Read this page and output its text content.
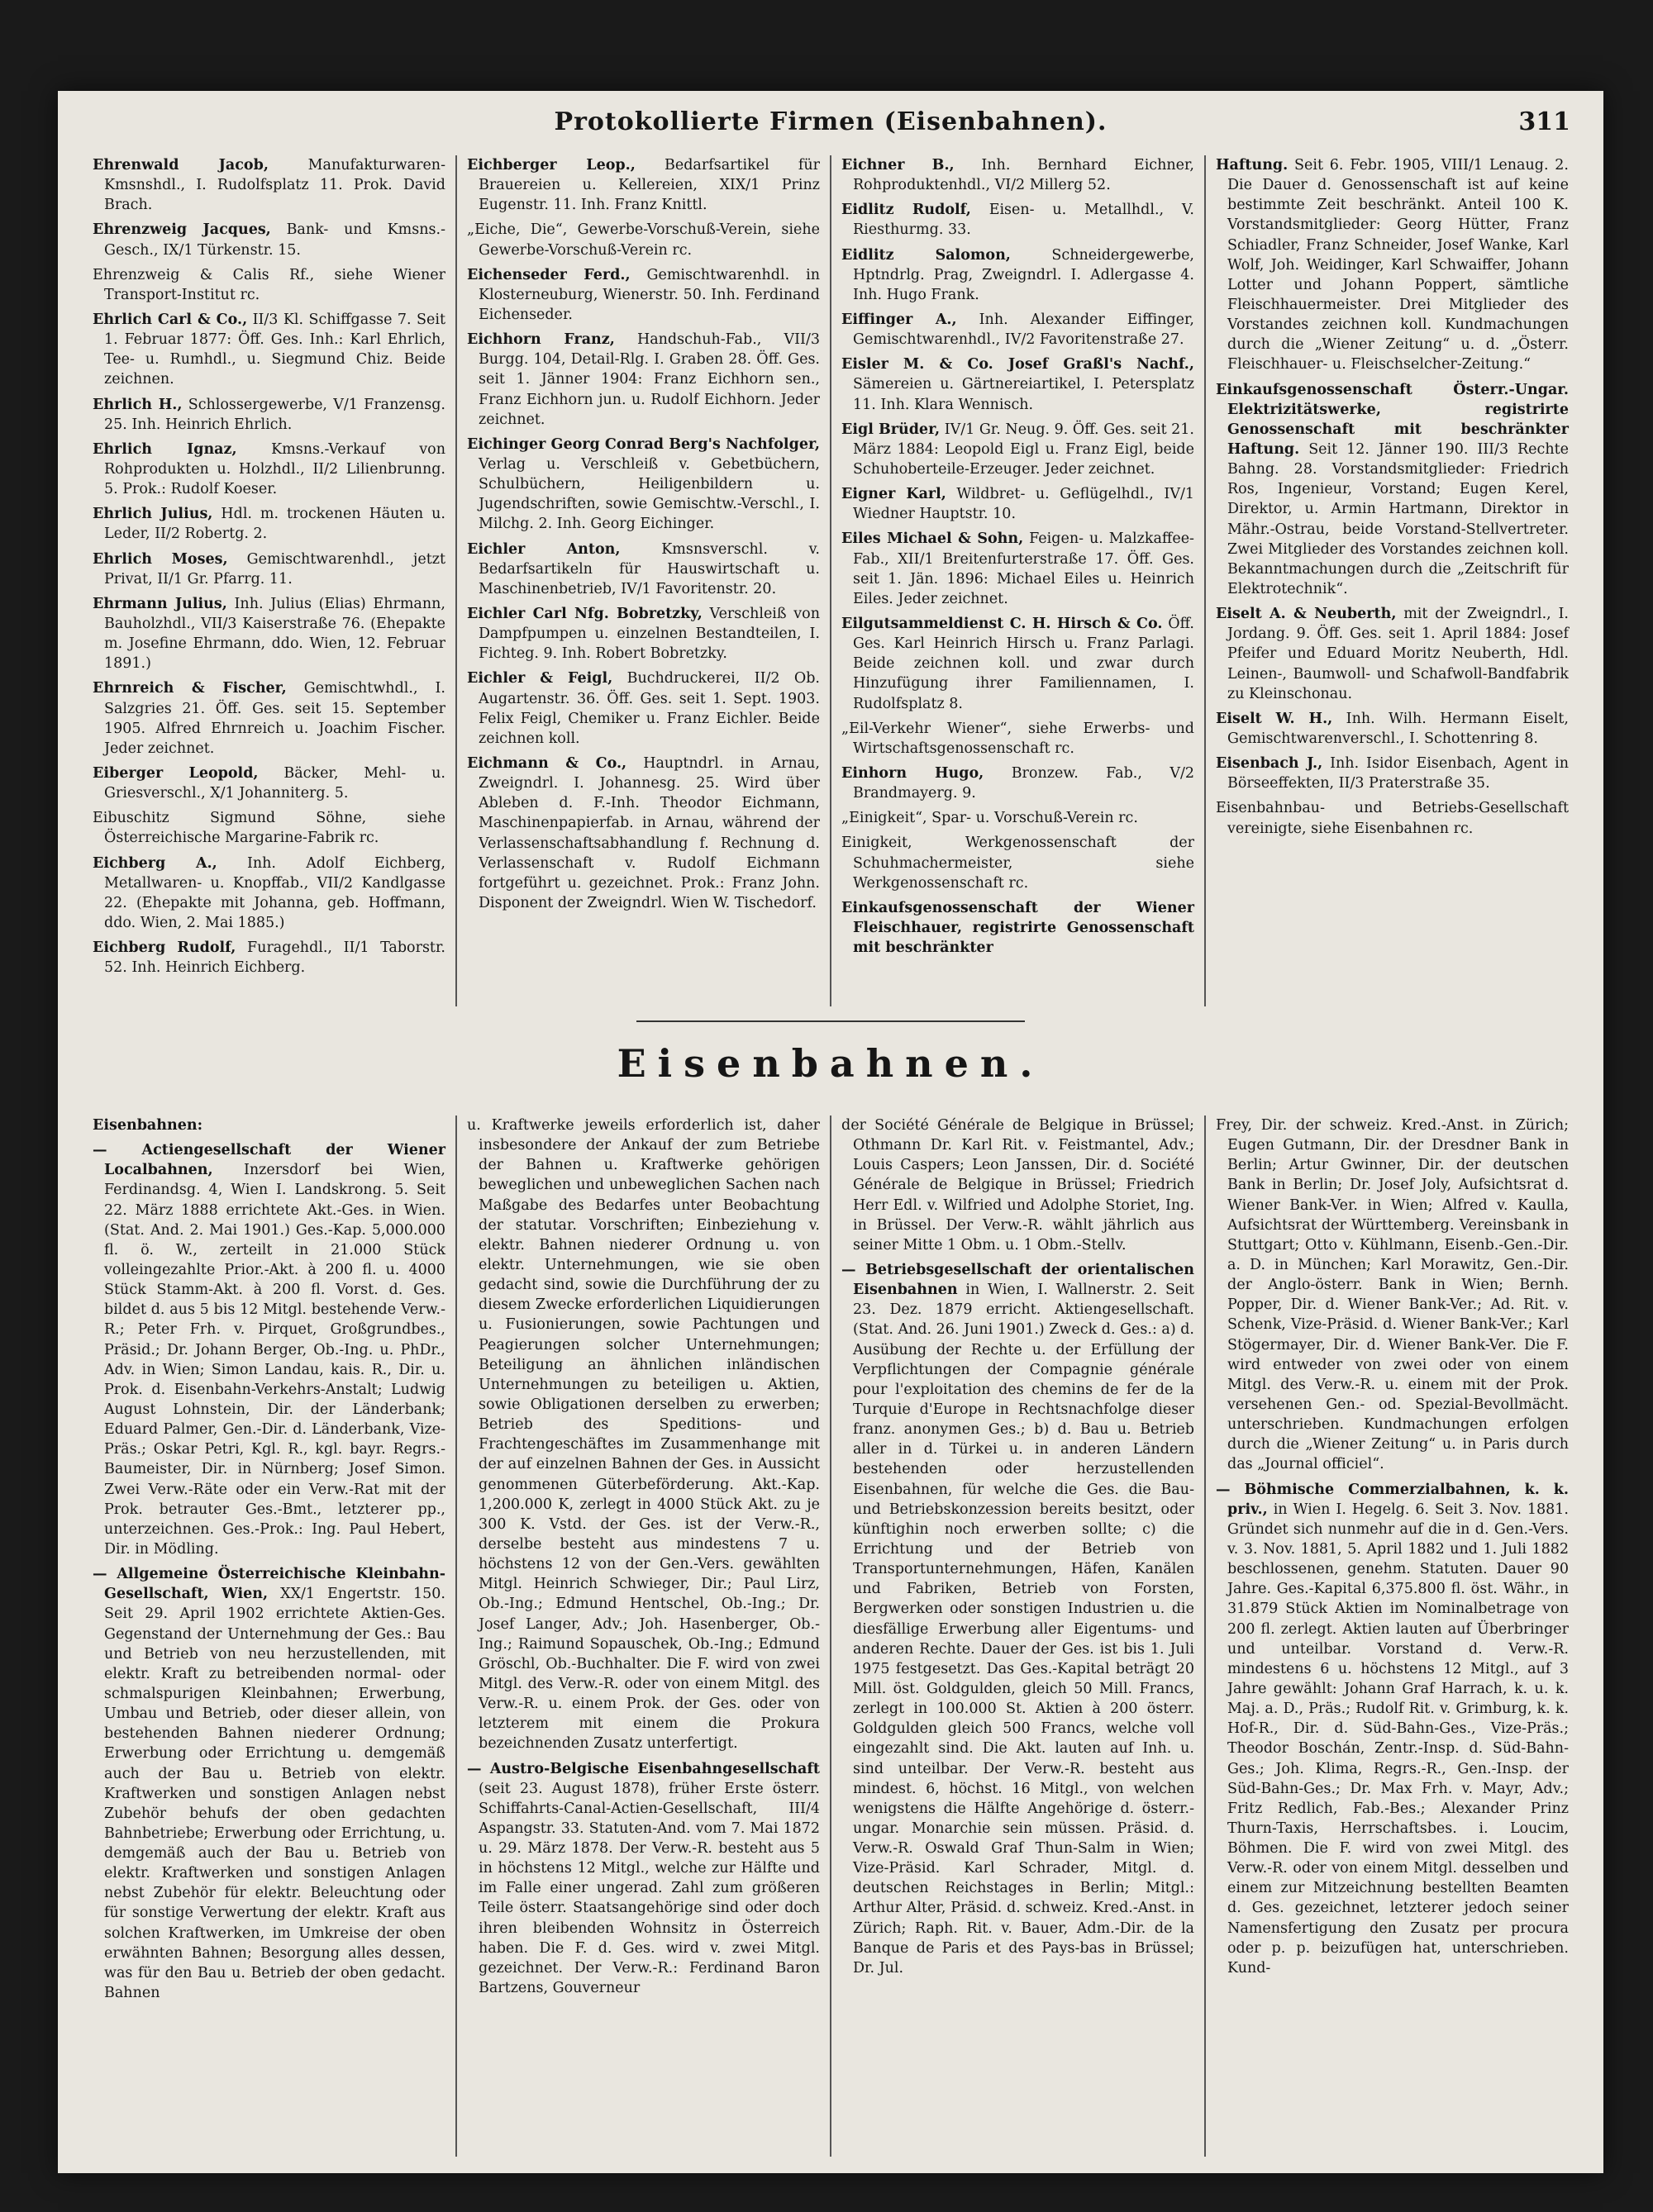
Protokollierte Firmen (Eisenbahnen).	311

Ehrenwald Jacob,	Manufakturwaren-Kmsnshdl., I. Rudolfsplatz 11. Prok. David Brach.

Ehrenzweig Jacques, Bank- und Kmsns.-Gesch., IX/1 Türkenstr. 15.

Ehrenzweig & Calis Rf., siehe Wiener Transport-Institut rc.

Ehrlich Carl & Co., II/3 Kl. Schiffgasse 7. Seit 1. Februar 1877: Öff. Ges. Inh.: Karl Ehrlich, Tee- u. Rumhdl., u. Siegmund Chiz. Beide zeichnen.

Ehrlich H., Schlossergewerbe, V/1 Franzensg. 25. Inh. Heinrich Ehrlich.

Ehrlich Ignaz, Kmsns.-Verkauf von Rohprodukten u. Holzhdl., II/2 Lilienbrunng. 5. Prok.: Rudolf Koeser.

Ehrlich Julius, Hdl. m. trockenen Häuten u. Leder, II/2 Robertg. 2.

Ehrlich Moses, Gemischtwarenhdl., jetzt Privat, II/1 Gr. Pfarrg. 11.

Ehrmann Julius, Inh. Julius (Elias) Ehrmann, Bauholzhdl., VII/3 Kaiserstraße 76. (Ehepakte m. Josefine Ehrmann, ddo. Wien, 12. Februar 1891.)

Ehrnreich & Fischer, Gemischtwhdl., I. Salzgries 21. Öff. Ges. seit 15. September 1905. Alfred Ehrnreich u. Joachim Fischer. Jeder zeichnet.

Eiberger Leopold, Bäcker, Mehl- u. Griesverschl., X/1 Johanniterg. 5.

Eibuschitz Sigmund Söhne, siehe Österreichische Margarine-Fabrik rc.

Eichberg A., Inh. Adolf Eichberg, Metallwaren- u. Knopffab., VII/2 Kandlgasse 22. (Ehepakte mit Johanna, geb. Hoffmann, ddo. Wien, 2. Mai 1885.)

Eichberg Rudolf, Furagehdl., II/1 Taborstr. 52. Inh. Heinrich Eichberg.

Eichberger Leop., Bedarfsartikel für Brauereien u. Kellereien, XIX/1 Prinz Eugenstr. 11. Inh. Franz Knittl.

„Eiche, Die“, Gewerbe-Vorschuß-Verein, siehe Gewerbe-Vorschuß-Verein rc.

Eichenseder Ferd., Gemischtwarenhdl. in Klosterneuburg, Wienerstr. 50. Inh. Ferdinand Eichenseder.

Eichhorn Franz, Handschuh-Fab., VII/3 Burgg. 104, Detail-Rlg. I. Graben 28. Öff. Ges. seit 1. Jänner 1904: Franz Eichhorn sen., Franz Eichhorn jun. u. Rudolf Eichhorn. Jeder zeichnet.

Eichinger Georg Conrad Berg's Nachfolger, Verlag u. Verschleiß v. Gebetbüchern, Schulbüchern, Heiligenbildern u. Jugendschriften, sowie Gemischtw.-Verschl., I. Milchg. 2. Inh. Georg Eichinger.

Eichler Anton,	Kmsnsverschl. v. Bedarfsartikeln für Hauswirtschaft u. Maschinenbetrieb, IV/1 Favoritenstr. 20.

Eichler Carl Nfg. Bobretzky, Verschleiß von Dampfpumpen u. einzelnen Bestandteilen, I. Fichteg. 9. Inh. Robert Bobretzky.

Eichler & Feigl, Buchdruckerei, II/2 Ob. Augartenstr. 36. Öff. Ges. seit 1. Sept. 1903. Felix Feigl, Chemiker u. Franz Eichler. Beide zeichnen koll.

Eichmann & Co., Hauptndrl. in Arnau, Zweigndrl. I. Johannesg. 25. Wird über Ableben d. F.-Inh. Theodor Eichmann, Maschinenpapierfab. in Arnau, während der Verlassenschaftsabhandlung f. Rechnung d. Verlassenschaft v. Rudolf Eichmann fortgeführt u. gezeichnet. Prok.: Franz John. Disponent der Zweigndrl. Wien W. Tischedorf.

Eichner B., Inh. Bernhard Eichner, Rohproduktenhdl., VI/2 Millerg 52.

Eidlitz Rudolf, Eisen- u. Metallhdl., V. Riesthurmg. 33.

Eidlitz Salomon,	Schneidergewerbe, Hptndrlg. Prag, Zweigndrl. I. Adlergasse 4. Inh. Hugo Frank.

Eiffinger A., Inh. Alexander Eiffinger, Gemischtwarenhdl., IV/2 Favoritenstraße 27.

Eisler M. & Co. Josef Graßl's Nachf., Sämereien u. Gärtnereiartikel, I. Petersplatz 11. Inh. Klara Wennisch.

Eigl Brüder, IV/1 Gr. Neug. 9. Öff. Ges. seit 21. März 1884: Leopold Eigl u. Franz Eigl, beide Schuhoberteile-Erzeuger. Jeder zeichnet.

Eigner Karl, Wildbret- u. Geflügelhdl., IV/1 Wiedner Hauptstr. 10.

Eiles Michael & Sohn, Feigen- u. Malzkaffee-Fab., XII/1 Breitenfurterstraße 17. Öff. Ges. seit 1. Jän. 1896: Michael Eiles u. Heinrich Eiles. Jeder zeichnet.

Eilgutsammeldienst C. H. Hirsch & Co. Öff. Ges. Karl Heinrich Hirsch u. Franz Parlagi. Beide zeichnen koll. und zwar durch Hinzufügung ihrer Familiennamen, I. Rudolfsplatz 8.

„Eil-Verkehr Wiener“, siehe Erwerbs- und Wirtschaftsgenossenschaft rc.

Einhorn Hugo, Bronzew. Fab., V/2 Brandmayerg. 9.

„Einigkeit“, Spar- u. Vorschuß-Verein rc.

Einigkeit, Werkgenossenschaft der Schuhmachermeister, siehe Werkgenossenschaft rc.

Einkaufsgenossenschaft der Wiener Fleischhauer, registrirte Genossenschaft mit beschränkter

Haftung. Seit 6. Febr. 1905, VIII/1 Lenaug. 2. Die Dauer d. Genossenschaft ist auf keine bestimmte Zeit beschränkt. Anteil 100 K. Vorstandsmitglieder: Georg Hütter, Franz Schiadler, Franz Schneider, Josef Wanke, Karl Wolf, Joh. Weidinger, Karl Schwaiffer, Johann Lotter und Johann Poppert, sämtliche Fleischhauermeister. Drei Mitglieder des Vorstandes zeichnen koll. Kundmachungen durch die „Wiener Zeitung“ u. d. „Österr. Fleischhauer- u. Fleischselcher-Zeitung.“

Einkaufsgenossenschaft Österr.-Ungar. Elektrizitätswerke, registrirte Genossenschaft mit beschränkter Haftung. Seit 12. Jänner 190. III/3 Rechte Bahng. 28. Vorstandsmitglieder: Friedrich Ros, Ingenieur, Vorstand; Eugen Kerel, Direktor, u. Armin Hartmann, Direktor in Mähr.-Ostrau, beide Vorstand-Stellvertreter. Zwei Mitglieder des Vorstandes zeichnen koll. Bekanntmachungen durch die „Zeitschrift für Elektrotechnik“.

Eiselt A. & Neuberth, mit der Zweigndrl., I. Jordang. 9. Öff. Ges. seit 1. April 1884: Josef Pfeifer und Eduard Moritz Neuberth, Hdl. Leinen-, Baumwoll- und Schafwoll-Bandfabrik zu Kleinschonau.

Eiselt W. H., Inh. Wilh. Hermann Eiselt, Gemischtwarenverschl., I. Schottenring 8.

Eisenbach J., Inh. Isidor Eisenbach, Agent in Börseeffekten, II/3 Praterstraße 35.

Eisenbahnbau- und Betriebs-Gesellschaft vereinigte, siehe Eisenbahnen rc.

Eisenbahnen.

Eisenbahnen:

— Actiengesellschaft der Wiener Localbahnen, Inzersdorf bei Wien, Ferdinandsg. 4, Wien I. Landskrong. 5. Seit 22. März 1888 errichtete Akt.-Ges. in Wien. (Stat. And. 2. Mai 1901.) Ges.-Kap. 5,000.000 fl. ö. W., zerteilt in 21.000 Stück volleingezahlte Prior.-Akt. à 200 fl. u. 4000 Stück Stamm-Akt. à 200 fl. Vorst. d. Ges. bildet d. aus 5 bis 12 Mitgl. bestehende Verw.-R.; Peter Frh. v. Pirquet, Großgrundbes., Präsid.; Dr. Johann Berger, Ob.-Ing. u. PhDr., Adv. in Wien; Simon Landau, kais. R., Dir. u. Prok. d. Eisenbahn-Verkehrs-Anstalt; Ludwig August Lohnstein, Dir. der Länderbank; Eduard Palmer, Gen.-Dir. d. Länderbank, Vize-Präs.; Oskar Petri, Kgl. R., kgl. bayr. Regrs.-Baumeister, Dir. in Nürnberg; Josef Simon. Zwei Verw.-Räte oder ein Verw.-Rat mit der Prok. betrauter Ges.-Bmt., letzterer pp., unterzeichnen. Ges.-Prok.: Ing. Paul Hebert, Dir. in Mödling.

— Allgemeine Österreichische Kleinbahn-Gesellschaft, Wien, XX/1 Engertstr. 150. Seit 29. April 1902 errichtete Aktien-Ges. Gegenstand der Unternehmung der Ges.: Bau und Betrieb von neu herzustellenden, mit elektr. Kraft zu betreibenden normal- oder schmalspurigen Kleinbahnen; Erwerbung, Umbau und Betrieb, oder dieser allein, von bestehenden Bahnen niederer Ordnung; Erwerbung oder Errichtung u. demgemäß auch der Bau u. Betrieb von elektr. Kraftwerken und sonstigen Anlagen nebst Zubehör behufs der oben gedachten Bahnbetriebe; Erwerbung oder Errichtung, u. demgemäß auch der Bau u. Betrieb von elektr. Kraftwerken und sonstigen Anlagen nebst Zubehör für elektr. Beleuchtung oder für sonstige Verwertung der elektr. Kraft aus solchen Kraftwerken, im Umkreise der oben erwähnten Bahnen; Besorgung alles dessen, was für den Bau u. Betrieb der oben gedacht. Bahnen

u. Kraftwerke jeweils erforderlich ist, daher insbesondere der Ankauf der zum Betriebe der Bahnen u. Kraftwerke gehörigen beweglichen und unbeweglichen Sachen nach Maßgabe des Bedarfes unter Beobachtung der statutar. Vorschriften; Einbeziehung v. elektr. Bahnen niederer Ordnung u. von elektr. Unternehmungen, wie sie oben gedacht sind, sowie die Durchführung der zu diesem Zwecke erforderlichen Liquidierungen u. Fusionierungen, sowie Pachtungen und Peagierungen solcher Unternehmungen; Beteiligung an ähnlichen inländischen Unternehmungen zu beteiligen u. Aktien, sowie Obligationen derselben zu erwerben; Betrieb des Speditions- und Frachtengeschäftes im Zusammenhange mit der auf einzelnen Bahnen der Ges. in Aussicht genommenen Güterbeförderung. Akt.-Kap. 1,200.000 K, zerlegt in 4000 Stück Akt. zu je 300 K. Vstd. der Ges. ist der Verw.-R., derselbe besteht aus mindestens 7 u. höchstens 12 von der Gen.-Vers. gewählten Mitgl. Heinrich Schwieger, Dir.; Paul Lirz, Ob.-Ing.; Edmund Hentschel, Ob.-Ing.; Dr. Josef Langer, Adv.; Joh. Hasenberger, Ob.-Ing.; Raimund Sopauschek, Ob.-Ing.; Edmund Gröschl, Ob.-Buchhalter. Die F. wird von zwei Mitgl. des Verw.-R. oder von einem Mitgl. des Verw.-R. u. einem Prok. der Ges. oder von letzterem mit einem die Prokura bezeichnenden Zusatz unterfertigt.

— Austro-Belgische Eisenbahngesellschaft (seit 23. August 1878), früher Erste österr. Schiffahrts-Canal-Actien-Gesellschaft, III/4 Aspangstr. 33. Statuten-And. vom 7. Mai 1872 u. 29. März 1878. Der Verw.-R. besteht aus 5 in höchstens 12 Mitgl., welche zur Hälfte und im Falle einer ungerad. Zahl zum größeren Teile österr. Staatsangehörige sind oder doch ihren bleibenden Wohnsitz in Österreich haben. Die F. d. Ges. wird v. zwei Mitgl. gezeichnet. Der Verw.-R.: Ferdinand Baron Bartzens, Gouverneur

der Société Générale de Belgique in Brüssel; Othmann Dr. Karl Rit. v. Feistmantel, Adv.; Louis Caspers; Leon Janssen, Dir. d. Société Générale de Belgique in Brüssel; Friedrich Herr Edl. v. Wilfried und Adolphe Storiet, Ing. in Brüssel. Der Verw.-R. wählt jährlich aus seiner Mitte 1 Obm. u. 1 Obm.-Stellv.

— Betriebsgesellschaft der orientalischen Eisenbahnen in Wien, I. Wallnerstr. 2. Seit 23. Dez. 1879 erricht. Aktiengesellschaft. (Stat. And. 26. Juni 1901.) Zweck d. Ges.: a) d. Ausübung der Rechte u. der Erfüllung der Verpflichtungen der Compagnie générale pour l'exploitation des chemins de fer de la Turquie d'Europe in Rechtsnachfolge dieser franz. anonymen Ges.; b) d. Bau u. Betrieb aller in d. Türkei u. in anderen Ländern bestehenden oder herzustellenden Eisenbahnen, für welche die Ges. die Bau- und Betriebskonzession bereits besitzt, oder künftighin noch erwerben sollte; c) die Errichtung und der Betrieb von Transportunternehmungen, Häfen, Kanälen und Fabriken, Betrieb von Forsten, Bergwerken oder sonstigen Industrien u. die diesfällige Erwerbung aller Eigentums- und anderen Rechte. Dauer der Ges. ist bis 1. Juli 1975 festgesetzt. Das Ges.-Kapital beträgt 20 Mill. öst. Goldgulden, gleich 50 Mill. Francs, zerlegt in 100.000 St. Aktien à 200 österr. Goldgulden gleich 500 Francs, welche voll eingezahlt sind. Die Akt. lauten auf Inh. u. sind unteilbar. Der Verw.-R. besteht aus mindest. 6, höchst. 16 Mitgl., von welchen wenigstens die Hälfte Angehörige d. österr.-ungar. Monarchie sein müssen. Präsid. d. Verw.-R. Oswald Graf Thun-Salm in Wien; Vize-Präsid. Karl Schrader, Mitgl. d. deutschen Reichstages in Berlin; Mitgl.: Arthur Alter, Präsid. d. schweiz. Kred.-Anst. in Zürich; Raph. Rit. v. Bauer, Adm.-Dir. de la Banque de Paris et des Pays-bas in Brüssel; Dr. Jul.

Frey, Dir. der schweiz. Kred.-Anst. in Zürich; Eugen Gutmann, Dir. der Dresdner Bank in Berlin; Artur Gwinner, Dir. der deutschen Bank in Berlin; Dr. Josef Joly, Aufsichtsrat d. Wiener Bank-Ver. in Wien; Alfred v. Kaulla, Aufsichtsrat der Württemberg. Vereinsbank in Stuttgart; Otto v. Kühlmann, Eisenb.-Gen.-Dir. a. D. in München; Karl Morawitz, Gen.-Dir. der Anglo-österr. Bank in Wien; Bernh. Popper, Dir. d. Wiener Bank-Ver.; Ad. Rit. v. Schenk, Vize-Präsid. d. Wiener Bank-Ver.; Karl Stögermayer, Dir. d. Wiener Bank-Ver. Die F. wird entweder von zwei oder von einem Mitgl. des Verw.-R. u. einem mit der Prok. versehenen Gen.- od. Spezial-Bevollmächt. unterschrieben. Kundmachungen erfolgen durch die „Wiener Zeitung“ u. in Paris durch das „Journal officiel“.

— Böhmische Commerzialbahnen, k. k. priv., in Wien I. Hegelg. 6. Seit 3. Nov. 1881. Gründet sich nunmehr auf die in d. Gen.-Vers. v. 3. Nov. 1881, 5. April 1882 und 1. Juli 1882 beschlossenen, genehm. Statuten. Dauer 90 Jahre. Ges.-Kapital 6,375.800 fl. öst. Währ., in 31.879 Stück Aktien im Nominalbetrage von 200 fl. zerlegt. Aktien lauten auf Überbringer und unteilbar. Vorstand d. Verw.-R. mindestens 6 u. höchstens 12 Mitgl., auf 3 Jahre gewählt: Johann Graf Harrach, k. u. k. Maj. a. D., Präs.; Rudolf Rit. v. Grimburg, k. k. Hof-R., Dir. d. Süd-Bahn-Ges., Vize-Präs.; Theodor Boschán, Zentr.-Insp. d. Süd-Bahn-Ges.; Joh. Klima, Regrs.-R., Gen.-Insp. der Süd-Bahn-Ges.; Dr. Max Frh. v. Mayr, Adv.; Fritz Redlich, Fab.-Bes.; Alexander Prinz Thurn-Taxis, Herrschaftsbes. i. Loucim, Böhmen. Die F. wird von zwei Mitgl. des Verw.-R. oder von einem Mitgl. desselben und einem zur Mitzeichnung bestellten Beamten d. Ges. gezeichnet, letzterer jedoch seiner Namensfertigung den Zusatz per procura oder p. p. beizufügen hat, unterschrieben. Kund-
